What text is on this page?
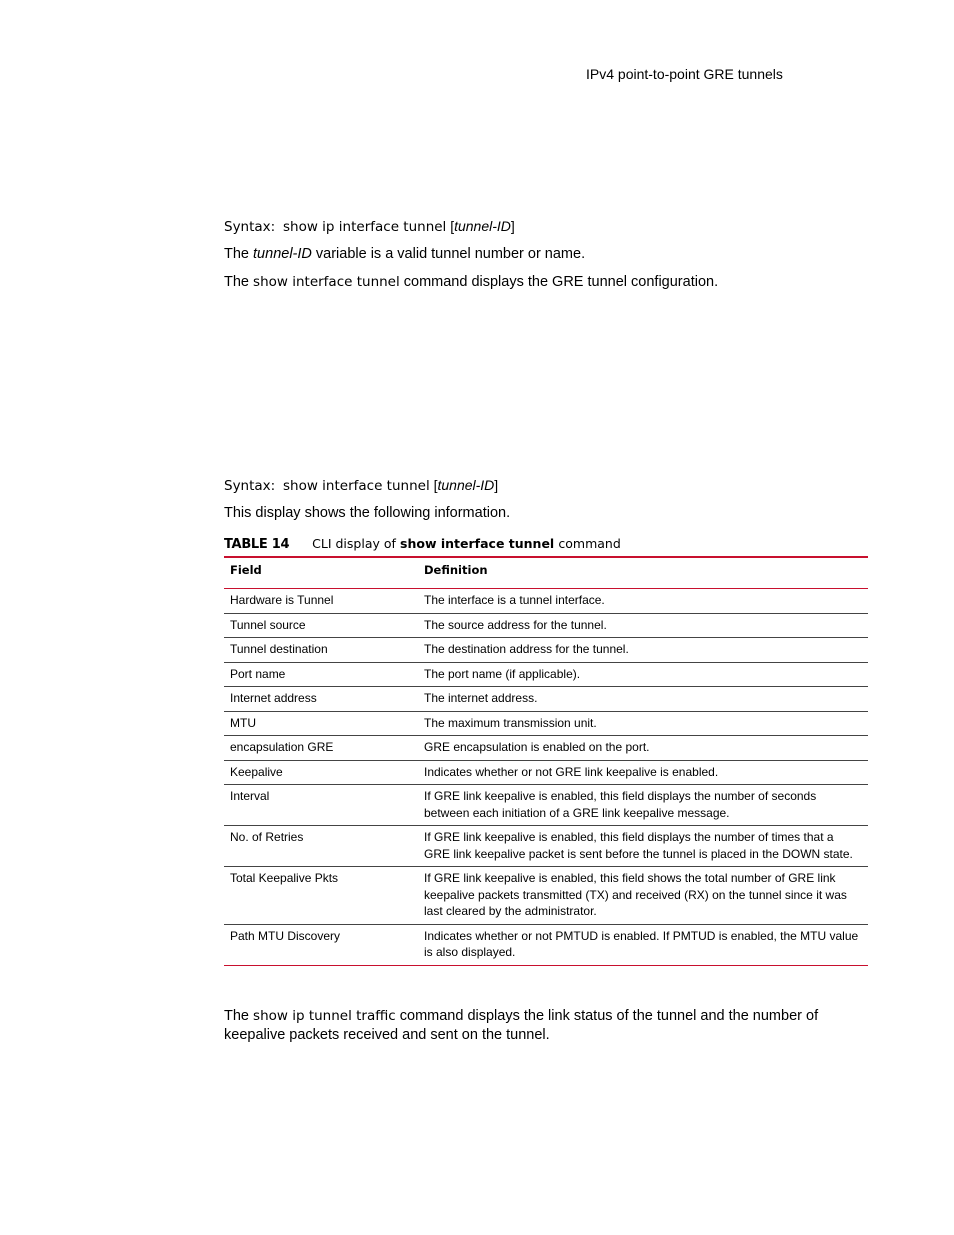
IPv4 point-to-point GRE tunnels
Syntax: show ip interface tunnel [tunnel-ID]
The tunnel-ID variable is a valid tunnel number or name.
The show interface tunnel command displays the GRE tunnel configuration.
Syntax: show interface tunnel [tunnel-ID]
This display shows the following information.
TABLE 14 CLI display of show interface tunnel command
Field	Definition
Hardware is Tunnel	The interface is a tunnel interface.
Tunnel source	The source address for the tunnel.
Tunnel destination	The destination address for the tunnel.
Port name	The port name (if applicable).
Internet address	The internet address.
MTU	The maximum transmission unit.
encapsulation GRE	GRE encapsulation is enabled on the port.
Keepalive	Indicates whether or not GRE link keepalive is enabled.
Interval	If GRE link keepalive is enabled, this field displays the number of seconds between each initiation of a GRE link keepalive message.
No. of Retries	If GRE link keepalive is enabled, this field displays the number of times that a GRE link keepalive packet is sent before the tunnel is placed in the DOWN state.
Total Keepalive Pkts	If GRE link keepalive is enabled, this field shows the total number of GRE link keepalive packets transmitted (TX) and received (RX) on the tunnel since it was last cleared by the administrator.
Path MTU Discovery	Indicates whether or not PMTUD is enabled. If PMTUD is enabled, the MTU value is also displayed.
The show ip tunnel traffic command displays the link status of the tunnel and the number of keepalive packets received and sent on the tunnel.
